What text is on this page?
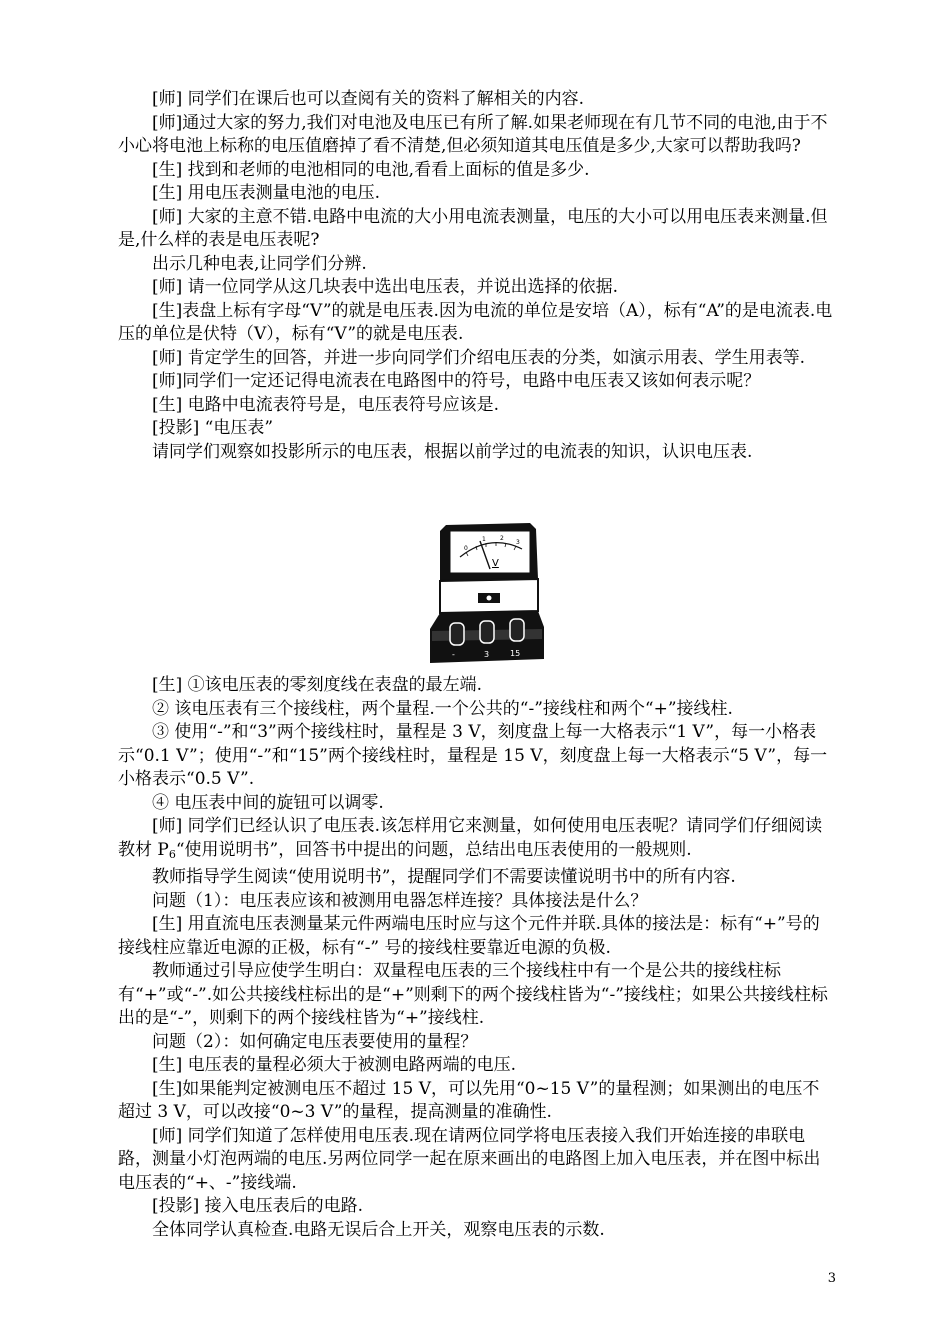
[师] 同学们在课后也可以查阅有关的资料了解相关的内容.

[师]通过大家的努力,我们对电池及电压已有所了解.如果老师现在有几节不同的电池,由于不小心将电池上标称的电压值磨掉了看不清楚,但必须知道其电压值是多少,大家可以帮助我吗?

[生] 找到和老师的电池相同的电池,看看上面标的值是多少.

[生] 用电压表测量电池的电压.

[师] 大家的主意不错.电路中电流的大小用电流表测量，电压的大小可以用电压表来测量.但是,什么样的表是电压表呢?

出示几种电表,让同学们分辨.

[师] 请一位同学从这几块表中选出电压表，并说出选择的依据.

[生]表盘上标有字母“V”的就是电压表.因为电流的单位是安培（A），标有“A”的是电流表.电压的单位是伏特（V），标有“V”的就是电压表.

[师] 肯定学生的回答，并进一步向同学们介绍电压表的分类，如演示用表、学生用表等.

[师]同学们一定还记得电流表在电路图中的符号，电路中电压表又该如何表示呢？

[生] 电路中电流表符号是，电压表符号应该是.

[投影] “电压表”

请同学们观察如投影所示的电压表，根据以前学过的电流表的知识，认识电压表.

0
1 2
3
V
-	3	15

[生] ①该电压表的零刻度线在表盘的最左端.

② 该电压表有三个接线柱，两个量程.一个公共的“-”接线柱和两个“+”接线柱.

③ 使用“-”和“3”两个接线柱时，量程是 3 V，刻度盘上每一大格表示“1 V”，每一小格表示“0.1 V”；使用“-”和“15”两个接线柱时，量程是 15 V，刻度盘上每一大格表示“5 V”，每一小格表示“0.5 V”.

④ 电压表中间的旋钮可以调零.

[师] 同学们已经认识了电压表.该怎样用它来测量，如何使用电压表呢？请同学们仔细阅读教材 $P_6“$使用说明书”，回答书中提出的问题，总结出电压表使用的一般规则.

教师指导学生阅读“使用说明书”，提醒同学们不需要读懂说明书中的所有内容.

问题（1）：电压表应该和被测用电器怎样连接？具体接法是什么？

[生] 用直流电压表测量某元件两端电压时应与这个元件并联.具体的接法是：标有“+”号的接线柱应靠近电源的正极，标有“-” 号的接线柱要靠近电源的负极.

教师通过引导应使学生明白：双量程电压表的三个接线柱中有一个是公共的接线柱标有“+”或“-”.如公共接线柱标出的是“+”则剩下的两个接线柱皆为“-”接线柱；如果公共接线柱标出的是“-”，则剩下的两个接线柱皆为“+”接线柱.

问题（2）：如何确定电压表要使用的量程？

[生] 电压表的量程必须大于被测电路两端的电压.

[生]如果能判定被测电压不超过 15 V，可以先用“0~15 V”的量程测；如果测出的电压不超过 3 V，可以改接“0~3 V”的量程，提高测量的准确性.

[师] 同学们知道了怎样使用电压表.现在请两位同学将电压表接入我们开始连接的串联电路，测量小灯泡两端的电压.另两位同学一起在原来画出的电路图上加入电压表，并在图中标出电压表的“+、-”接线端.

[投影] 接入电压表后的电路.

全体同学认真检查.电路无误后合上开关，观察电压表的示数.

3
